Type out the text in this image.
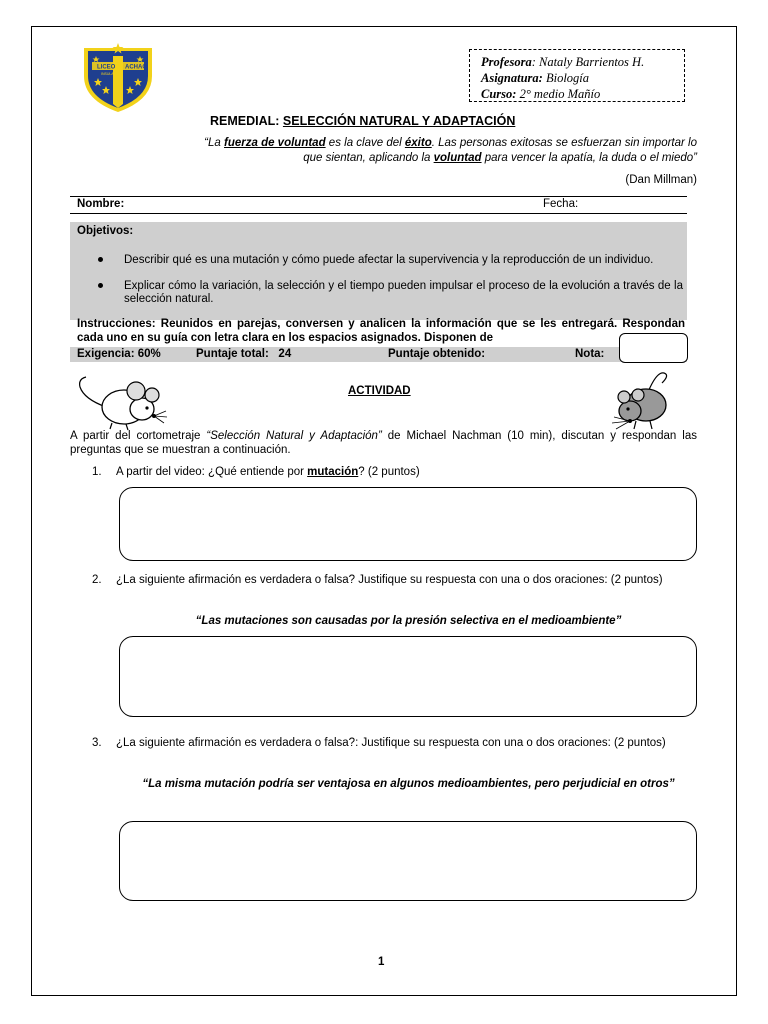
LICEO ACHAO
INSULAR
Profesora: Nataly Barrientos H.
Asignatura: Biología
Curso: 2° medio Mañío
REMEDIAL: SELECCIÓN NATURAL Y ADAPTACIÓN
“La fuerza de voluntad es la clave del éxito. Las personas exitosas se esfuerzan sin importar lo que sientan, aplicando la voluntad para vencer la apatía, la duda o el miedo”
(Dan Millman)
Nombre:	Fecha:
Objetivos:
Describir qué es una mutación y cómo puede afectar la supervivencia y la reproducción de un individuo.
Explicar cómo la variación, la selección y el tiempo pueden impulsar el proceso de la evolución a través de la selección natural.
Instrucciones: Reunidos en parejas, conversen y analicen la información que se les entregará. Respondan cada uno en su guía con letra clara en los espacios asignados. Disponen de
Exigencia: 60%	Puntaje total:   24	Puntaje obtenido:	Nota:
ACTIVIDAD
A partir del cortometraje “Selección Natural y Adaptación” de Michael Nachman (10 min), discutan y respondan las preguntas que se muestran a continuación.
1. A partir del video: ¿Qué entiende por mutación? (2 puntos)
2. ¿La siguiente afirmación es verdadera o falsa? Justifique su respuesta con una o dos oraciones: (2 puntos)
“Las mutaciones son causadas por la presión selectiva en el medioambiente”
3. ¿La siguiente afirmación es verdadera o falsa?: Justifique su respuesta con una o dos oraciones: (2 puntos)
“La misma mutación podría ser ventajosa en algunos medioambientes, pero perjudicial en otros”
1
